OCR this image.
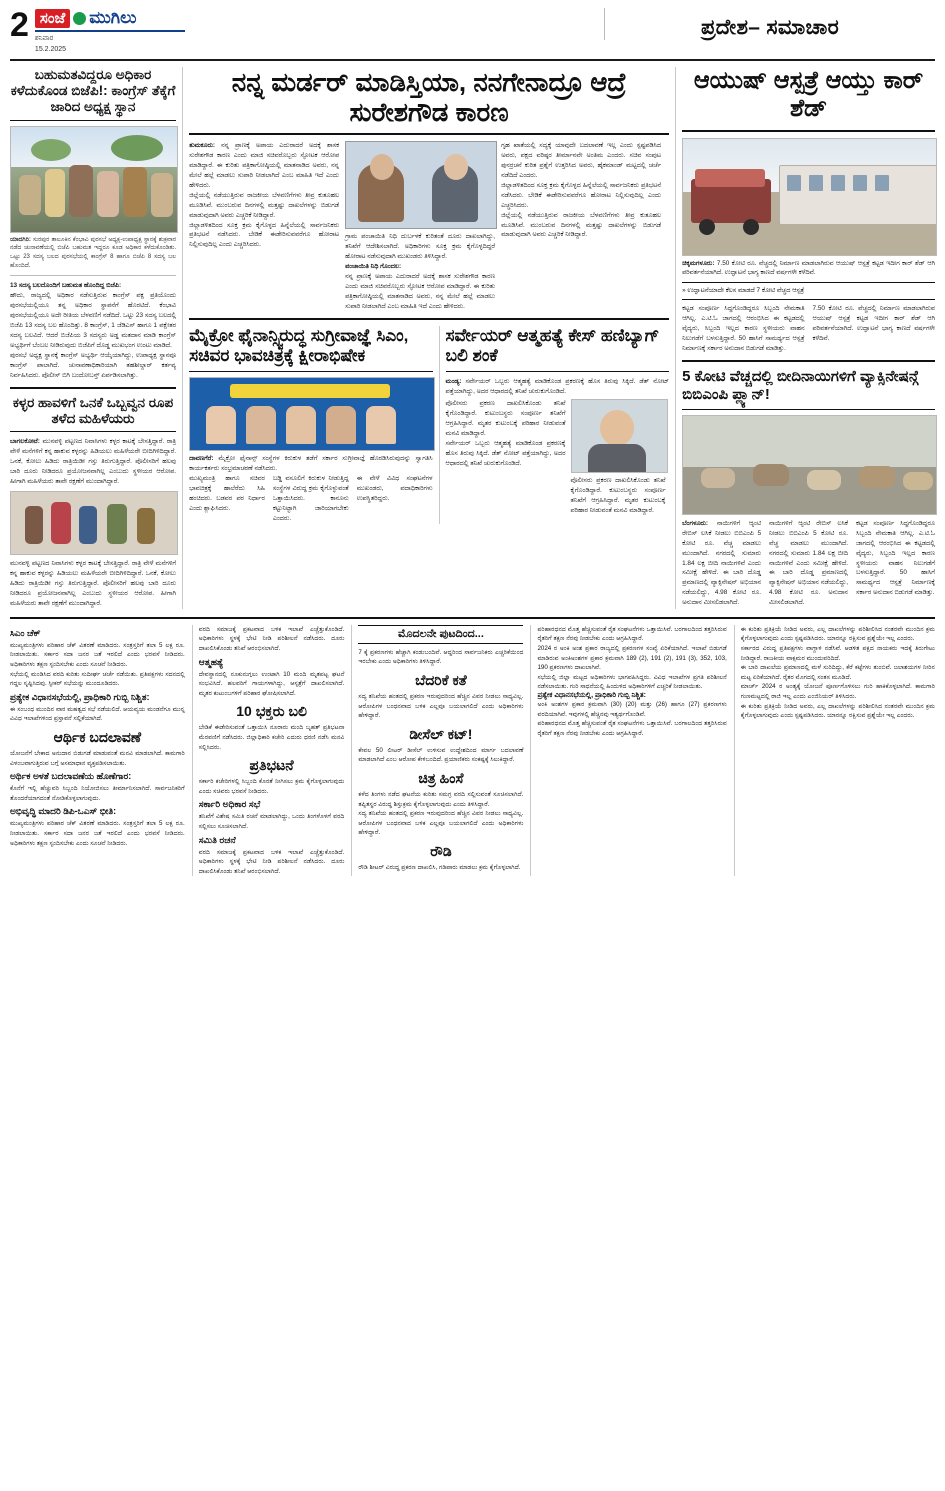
2 ಸಂಜೆ ಮುಗಿಲು
ಶನಿವಾರ
15.2.2025
ಪ್ರದೇಶ– ಸಮಾಚಾರ
ಬಹುಮತವಿದ್ದರೂ ಅಧಿಕಾರ ಕಳೆದುಕೊಂಡ ಬಿಜೆಪಿ!: ಕಾಂಗ್ರೆಸ್ ತೆಕ್ಕೆಗೆ ಜಾರಿದ ಅಧ್ಯಕ್ಷ ಸ್ಥಾನ
ಯಾದಗಿರಿ: ಸುರಪುರ ತಾಲೂಕಿನ ಕೆಂಭಾವಿ ಪುರಸಭೆ ಅಧ್ಯಕ್ಷ-ಉಪಾಧ್ಯಕ್ಷ ಸ್ಥಾನಕ್ಕೆ ಶುಕ್ರವಾರ ನಡೆದ ಚುನಾವಣೆಯಲ್ಲಿ ಬಿಜೆಪಿ ಬಹುಮತ ಇದ್ದರೂ ಕೂಡ ಅಧಿಕಾರ ಕಳೆದುಕೊಂಡಿತು. ಒಟ್ಟು 23 ಸದಸ್ಯ ಬಲದ ಪುರಸಭೆಯಲ್ಲಿ ಕಾಂಗ್ರೆಸ್ 8 ಹಾಗೂ ಬಿಜೆಪಿ 8 ಸದಸ್ಯ ಬಲ ಹೊಂದಿದೆ.
13 ಸದಸ್ಯ ಬಲದೊಂದಿಗೆ ಬಹುಮತ ಹೊಂದಿದ್ದ ಬಿಜೆಪಿ:
ಹೌದು, ರಾಜ್ಯದಲ್ಲಿ ಅಧಿಕಾರ ನಡೆಸುತ್ತಿರುವ ಕಾಂಗ್ರೆಸ್ ಪಕ್ಷ ಪ್ರತಿಯೊಂದು ಪುರಸಭೆಯಲ್ಲಿಯೂ ತನ್ನ ಅಧಿಕಾರ ಸ್ಥಾಪನೆಗೆ ಹೊರಟಿದೆ. ಕೆಂಭಾವಿ ಪುರಸಭೆಯಲ್ಲಿಯೂ ಅದೇ ರೀತಿಯ ಬೆಳವಣಿಗೆ ನಡೆದಿದೆ. ಒಟ್ಟು 23 ಸದಸ್ಯ ಬಲದಲ್ಲಿ ಬಿಜೆಪಿ 13 ಸದಸ್ಯ ಬಲ ಹೊಂದಿತ್ತು. 8 ಕಾಂಗ್ರೆಸ್, 1 ಜೆಡಿಎಸ್ ಹಾಗೂ 1 ಪಕ್ಷೇತರ ಸದಸ್ಯ ಬಲವಿದೆ. ಆದರೆ ಬಿಜೆಪಿಯ 3 ಸದಸ್ಯರು ಅಡ್ಡ ಮತದಾನ ಮಾಡಿ ಕಾಂಗ್ರೆಸ್ ಅಭ್ಯರ್ಥಿಗೆ ಬೆಂಬಲ ನೀಡಿರುವುದು ಬಿಜೆಪಿಗೆ ದೊಡ್ಡ ಮುಖಭಂಗ ಉಂಟು ಮಾಡಿದೆ.
ಪುರಸಭೆ ಅಧ್ಯಕ್ಷ ಸ್ಥಾನಕ್ಕೆ ಕಾಂಗ್ರೆಸ್ ಅಭ್ಯರ್ಥಿ ಆಯ್ಕೆಯಾಗಿದ್ದು, ಉಪಾಧ್ಯಕ್ಷ ಸ್ಥಾನವೂ ಕಾಂಗ್ರೆಸ್ ಪಾಲಾಗಿದೆ. ಚುನಾವಣಾಧಿಕಾರಿಯಾಗಿ ತಹಶೀಲ್ದಾರ್ ಕರ್ತವ್ಯ ನಿರ್ವಹಿಸಿದರು. ಪೊಲೀಸ್ ಬಿಗಿ ಬಂದೋಬಸ್ತ್ ಏರ್ಪಡಿಸಲಾಗಿತ್ತು.
ಕಳ್ಳರ ಹಾವಳಿಗೆ ಒನಕೆ ಒಬ್ಬವ್ವನ ರೂಪ ತಳೆದ ಮಹಿಳೆಯರು
ಬಾಗಲಕೋಟೆ: ಮುನವಳ್ಳಿ ಪಟ್ಟಣದ ನಿವಾಸಿಗಳು ಕಳ್ಳರ ಕಾಟಕ್ಕೆ ಬೇಸತ್ತಿದ್ದಾರೆ. ರಾತ್ರಿ ವೇಳೆ ಮನೆಗಳಿಗೆ ಕನ್ನ ಹಾಕುವ ಕಳ್ಳರನ್ನು ಹಿಡಿಯಲು ಮಹಿಳೆಯರೇ ಬೀದಿಗಿಳಿದಿದ್ದಾರೆ. ಒನಕೆ, ಕೋಲು ಹಿಡಿದು ರಾತ್ರಿಯಿಡೀ ಗಸ್ತು ತಿರುಗುತ್ತಿದ್ದಾರೆ. ಪೊಲೀಸರಿಗೆ ಹಲವು ಬಾರಿ ದೂರು ನೀಡಿದರೂ ಪ್ರಯೋಜನವಾಗಿಲ್ಲ ಎಂಬುದು ಸ್ಥಳೀಯರ ಆರೋಪ. ಹೀಗಾಗಿ ಮಹಿಳೆಯರು ತಾವೇ ರಕ್ಷಣೆಗೆ ಮುಂದಾಗಿದ್ದಾರೆ.
ಮುನವಳ್ಳಿ ಪಟ್ಟಣದ ನಿವಾಸಿಗಳು ಕಳ್ಳರ ಕಾಟಕ್ಕೆ ಬೇಸತ್ತಿದ್ದಾರೆ. ರಾತ್ರಿ ವೇಳೆ ಮನೆಗಳಿಗೆ ಕನ್ನ ಹಾಕುವ ಕಳ್ಳರನ್ನು ಹಿಡಿಯಲು ಮಹಿಳೆಯರೇ ಬೀದಿಗಿಳಿದಿದ್ದಾರೆ. ಒನಕೆ, ಕೋಲು ಹಿಡಿದು ರಾತ್ರಿಯಿಡೀ ಗಸ್ತು ತಿರುಗುತ್ತಿದ್ದಾರೆ. ಪೊಲೀಸರಿಗೆ ಹಲವು ಬಾರಿ ದೂರು ನೀಡಿದರೂ ಪ್ರಯೋಜನವಾಗಿಲ್ಲ ಎಂಬುದು ಸ್ಥಳೀಯರ ಆರೋಪ. ಹೀಗಾಗಿ ಮಹಿಳೆಯರು ತಾವೇ ರಕ್ಷಣೆಗೆ ಮುಂದಾಗಿದ್ದಾರೆ.
ನನ್ನ ಮರ್ಡರ್ ಮಾಡಿಸ್ತಿಯಾ, ನನಗೇನಾದ್ರೂ ಆದ್ರೆ ಸುರೇಶಗೌಡ ಕಾರಣ
ತುಮಕೂರು: ನನ್ನ ಪ್ರಾಣಕ್ಕೆ ಅಪಾಯ ಎದುರಾದರೆ ಅದಕ್ಕೆ ಶಾಸಕ ಸುರೇಶಗೌಡ ಕಾರಣ ಎಂದು ಮಾಜಿ ಸಚಿವರೊಬ್ಬರು ಸ್ಫೋಟಕ ಆರೋಪ ಮಾಡಿದ್ದಾರೆ. ಈ ಕುರಿತು ಪತ್ರಿಕಾಗೋಷ್ಠಿಯಲ್ಲಿ ಮಾತನಾಡಿದ ಅವರು, ನನ್ನ ಮೇಲೆ ಹಲ್ಲೆ ಮಾಡಲು ಸುಪಾರಿ ನೀಡಲಾಗಿದೆ ಎಂಬ ಮಾಹಿತಿ ಇದೆ ಎಂದು ಹೇಳಿದರು.
ಜಿಲ್ಲೆಯಲ್ಲಿ ನಡೆಯುತ್ತಿರುವ ರಾಜಕೀಯ ಬೆಳವಣಿಗೆಗಳು ತೀವ್ರ ಕುತೂಹಲ ಮೂಡಿಸಿವೆ. ಮುಂಬರುವ ದಿನಗಳಲ್ಲಿ ಮತ್ತಷ್ಟು ದಾಖಲೆಗಳನ್ನು ಬಿಡುಗಡೆ ಮಾಡುವುದಾಗಿ ಅವರು ಎಚ್ಚರಿಕೆ ನೀಡಿದ್ದಾರೆ.
ಜಿಲ್ಲಾಡಳಿತದಿಂದ ಸೂಕ್ತ ಕ್ರಮ ಕೈಗೊಳ್ಳದ ಹಿನ್ನೆಲೆಯಲ್ಲಿ ಸಾರ್ವಜನಿಕರು ಪ್ರತಿಭಟನೆ ನಡೆಸಿದರು. ಬೇಡಿಕೆ ಈಡೇರಿಸುವವರೆಗೂ ಹೋರಾಟ ನಿಲ್ಲಿಸುವುದಿಲ್ಲ ಎಂದು ಎಚ್ಚರಿಸಿದರು.
ಗ್ರಾಮ ಪಂಚಾಯಿತಿ ನಿಧಿ ದುರ್ಬಳಕೆ ಕುರಿತಂತೆ ದೂರು ದಾಖಲಾಗಿದ್ದು, ತನಿಖೆಗೆ ಆದೇಶಿಸಲಾಗಿದೆ. ಅಧಿಕಾರಿಗಳು ಸೂಕ್ತ ಕ್ರಮ ಕೈಗೊಳ್ಳದಿದ್ದರೆ ಹೋರಾಟ ನಡೆಸುವುದಾಗಿ ಮುಖಂಡರು ತಿಳಿಸಿದ್ದಾರೆ.
ಪಂಚಾಯಿತಿ ನಿಧಿ ಗೊಂದಲ:
ನನ್ನ ಪ್ರಾಣಕ್ಕೆ ಅಪಾಯ ಎದುರಾದರೆ ಅದಕ್ಕೆ ಶಾಸಕ ಸುರೇಶಗೌಡ ಕಾರಣ ಎಂದು ಮಾಜಿ ಸಚಿವರೊಬ್ಬರು ಸ್ಫೋಟಕ ಆರೋಪ ಮಾಡಿದ್ದಾರೆ. ಈ ಕುರಿತು ಪತ್ರಿಕಾಗೋಷ್ಠಿಯಲ್ಲಿ ಮಾತನಾಡಿದ ಅವರು, ನನ್ನ ಮೇಲೆ ಹಲ್ಲೆ ಮಾಡಲು ಸುಪಾರಿ ನೀಡಲಾಗಿದೆ ಎಂಬ ಮಾಹಿತಿ ಇದೆ ಎಂದು ಹೇಳಿದರು.
ಗೃಹ ಖಾತೆಯಲ್ಲಿ ಸದ್ಯಕ್ಕೆ ಯಾವುದೇ ಬದಲಾವಣೆ ಇಲ್ಲ ಎಂದು ಸ್ಪಷ್ಟಪಡಿಸಿದ ಅವರು, ಪಕ್ಷದ ವರಿಷ್ಠರ ತೀರ್ಮಾನವೇ ಅಂತಿಮ ಎಂದರು. ಸಚಿವ ಸಂಪುಟ ಪುನರ್ರಚನೆ ಕುರಿತ ಪ್ರಶ್ನೆಗೆ ಉತ್ತರಿಸಿದ ಅವರು, ಹೈಕಮಾಂಡ್ ಮಟ್ಟದಲ್ಲಿ ಚರ್ಚೆ ನಡೆದಿದೆ ಎಂದರು.
ಜಿಲ್ಲಾಡಳಿತದಿಂದ ಸೂಕ್ತ ಕ್ರಮ ಕೈಗೊಳ್ಳದ ಹಿನ್ನೆಲೆಯಲ್ಲಿ ಸಾರ್ವಜನಿಕರು ಪ್ರತಿಭಟನೆ ನಡೆಸಿದರು. ಬೇಡಿಕೆ ಈಡೇರಿಸುವವರೆಗೂ ಹೋರಾಟ ನಿಲ್ಲಿಸುವುದಿಲ್ಲ ಎಂದು ಎಚ್ಚರಿಸಿದರು.
ಜಿಲ್ಲೆಯಲ್ಲಿ ನಡೆಯುತ್ತಿರುವ ರಾಜಕೀಯ ಬೆಳವಣಿಗೆಗಳು ತೀವ್ರ ಕುತೂಹಲ ಮೂಡಿಸಿವೆ. ಮುಂಬರುವ ದಿನಗಳಲ್ಲಿ ಮತ್ತಷ್ಟು ದಾಖಲೆಗಳನ್ನು ಬಿಡುಗಡೆ ಮಾಡುವುದಾಗಿ ಅವರು ಎಚ್ಚರಿಕೆ ನೀಡಿದ್ದಾರೆ.
ಮೈಕ್ರೋ ಫೈನಾನ್ಸ್ವಿರುದ್ಧ ಸುಗ್ರೀವಾಜ್ಞೆ ಸಿಎಂ, ಸಚಿವರ ಭಾವಚಿತ್ರಕ್ಕೆ ಕ್ಷೀರಾಭಿಷೇಕ
ದಾವಣಗೆರೆ: ಮೈಕ್ರೋ ಫೈನಾನ್ಸ್ ಸಂಸ್ಥೆಗಳ ಕಿರುಕುಳ ತಡೆಗೆ ಸರ್ಕಾರ ಸುಗ್ರೀವಾಜ್ಞೆ ಹೊರಡಿಸಿರುವುದನ್ನು ಸ್ವಾಗತಿಸಿ ಕಾರ್ಯಕರ್ತರು ಸಂಭ್ರಮಾಚರಣೆ ನಡೆಸಿದರು.
ಮುಖ್ಯಮಂತ್ರಿ ಹಾಗೂ ಸಚಿವರ ಭಾವಚಿತ್ರಕ್ಕೆ ಹಾಲೆರೆದು ಸಿಹಿ ಹಂಚಿದರು. ಬಡವರ ಪರ ನಿರ್ಧಾರ ಎಂದು ಶ್ಲಾಘಿಸಿದರು.
ಬಡ್ಡಿ ವಸೂಲಿಗೆ ಕಿರುಕುಳ ನೀಡುತ್ತಿದ್ದ ಸಂಸ್ಥೆಗಳ ವಿರುದ್ಧ ಕ್ರಮ ಕೈಗೊಳ್ಳುವಂತೆ ಒತ್ತಾಯಿಸಿದರು. ಕಾನೂನು ಕಟ್ಟುನಿಟ್ಟಾಗಿ ಜಾರಿಯಾಗಬೇಕು ಎಂದರು.
ಈ ವೇಳೆ ವಿವಿಧ ಸಂಘಟನೆಗಳ ಮುಖಂಡರು, ಪದಾಧಿಕಾರಿಗಳು ಉಪಸ್ಥಿತರಿದ್ದರು.
ಸರ್ವೇಯರ್ ಆತ್ಮಹತ್ಯೆ ಕೇಸ್ ಹಣಿಬ್ಯಾಗ್ ಬಲಿ ಶಂಕೆ
ಮಂಡ್ಯ: ಸರ್ವೇಯರ್ ಒಬ್ಬರು ಆತ್ಮಹತ್ಯೆ ಮಾಡಿಕೊಂಡ ಪ್ರಕರಣಕ್ಕೆ ಹೊಸ ತಿರುವು ಸಿಕ್ಕಿದೆ. ಡೆತ್ ನೋಟ್ ಪತ್ತೆಯಾಗಿದ್ದು, ಅದರ ಆಧಾರದಲ್ಲಿ ತನಿಖೆ ಚುರುಕುಗೊಂಡಿದೆ.
ಪೊಲೀಸರು ಪ್ರಕರಣ ದಾಖಲಿಸಿಕೊಂಡು ತನಿಖೆ ಕೈಗೊಂಡಿದ್ದಾರೆ. ಕುಟುಂಬಸ್ಥರು ಸಂಪೂರ್ಣ ತನಿಖೆಗೆ ಆಗ್ರಹಿಸಿದ್ದಾರೆ. ಮೃತರ ಕುಟುಂಬಕ್ಕೆ ಪರಿಹಾರ ನೀಡುವಂತೆ ಮನವಿ ಮಾಡಿದ್ದಾರೆ.
ಸರ್ವೇಯರ್ ಒಬ್ಬರು ಆತ್ಮಹತ್ಯೆ ಮಾಡಿಕೊಂಡ ಪ್ರಕರಣಕ್ಕೆ ಹೊಸ ತಿರುವು ಸಿಕ್ಕಿದೆ. ಡೆತ್ ನೋಟ್ ಪತ್ತೆಯಾಗಿದ್ದು, ಅದರ ಆಧಾರದಲ್ಲಿ ತನಿಖೆ ಚುರುಕುಗೊಂಡಿದೆ.
ಪೊಲೀಸರು ಪ್ರಕರಣ ದಾಖಲಿಸಿಕೊಂಡು ತನಿಖೆ ಕೈಗೊಂಡಿದ್ದಾರೆ. ಕುಟುಂಬಸ್ಥರು ಸಂಪೂರ್ಣ ತನಿಖೆಗೆ ಆಗ್ರಹಿಸಿದ್ದಾರೆ. ಮೃತರ ಕುಟುಂಬಕ್ಕೆ ಪರಿಹಾರ ನೀಡುವಂತೆ ಮನವಿ ಮಾಡಿದ್ದಾರೆ.
ಆಯುಷ್ ಆಸ್ಪತ್ರೆ ಆಯ್ತು ಕಾರ್ ಶೆಡ್
ಚಿಕ್ಕಮಗಳೂರು: 7.50 ಕೋಟಿ ರೂ. ವೆಚ್ಚದಲ್ಲಿ ನಿರ್ಮಾಣ ಮಾಡಲಾಗಿರುವ ಆಯುಷ್ ಆಸ್ಪತ್ರೆ ಕಟ್ಟಡ ಇದೀಗ ಕಾರ್ ಶೆಡ್ ಆಗಿ ಪರಿವರ್ತನೆಯಾಗಿದೆ. ಉದ್ಘಾಟನೆ ಭಾಗ್ಯ ಕಾಣದೆ ವರ್ಷಗಳೇ ಕಳೆದಿವೆ.
» ಉದ್ಘಾಟನೆಯಾದೇ ಕೆಲಸ ಮಾಡದೆ 7 ಕೋಟಿ ವೆಚ್ಚದ ಆಸ್ಪತ್ರೆ
ಕಟ್ಟಡ ಸಂಪೂರ್ಣ ಸಿದ್ಧಗೊಂಡಿದ್ದರೂ ಸಿಬ್ಬಂದಿ ನೇಮಕಾತಿ ಆಗಿಲ್ಲ. ಎ.ಟಿ.ಓ ಜಾಗದಲ್ಲಿ ಆರಂಭಿಸಿದ ಈ ಕಟ್ಟಡದಲ್ಲಿ ವೈದ್ಯರು, ಸಿಬ್ಬಂದಿ ಇಲ್ಲದ ಕಾರಣ ಸ್ಥಳೀಯರು ವಾಹನ ನಿಲುಗಡೆಗೆ ಬಳಸುತ್ತಿದ್ದಾರೆ. 50 ಹಾಸಿಗೆ ಸಾಮರ್ಥ್ಯದ ಆಸ್ಪತ್ರೆ ನಿರ್ಮಾಣಕ್ಕೆ ಸರ್ಕಾರ ಅನುದಾನ ಬಿಡುಗಡೆ ಮಾಡಿತ್ತು.
7.50 ಕೋಟಿ ರೂ. ವೆಚ್ಚದಲ್ಲಿ ನಿರ್ಮಾಣ ಮಾಡಲಾಗಿರುವ ಆಯುಷ್ ಆಸ್ಪತ್ರೆ ಕಟ್ಟಡ ಇದೀಗ ಕಾರ್ ಶೆಡ್ ಆಗಿ ಪರಿವರ್ತನೆಯಾಗಿದೆ. ಉದ್ಘಾಟನೆ ಭಾಗ್ಯ ಕಾಣದೆ ವರ್ಷಗಳೇ ಕಳೆದಿವೆ.
5 ಕೋಟಿ ವೆಚ್ಚದಲ್ಲಿ ಬೀದಿನಾಯಿಗಳಿಗೆ ವ್ಯಾಕ್ಸಿನೇಷನ್ಗೆ ಬಿಬಿಎಂಪಿ ಪ್ಲ್ಯಾನ್!
ಬೆಂಗಳೂರು: ನಾಯಿಗಳಿಗೆ ಆ್ಯಂಟಿ ರೇಬಿಸ್ ಲಸಿಕೆ ನೀಡಲು ಬಿಬಿಎಂಪಿ 5 ಕೋಟಿ ರೂ. ವೆಚ್ಚ ಮಾಡಲು ಮುಂದಾಗಿದೆ. ನಗರದಲ್ಲಿ ಸುಮಾರು 1.84 ಲಕ್ಷ ಬೀದಿ ನಾಯಿಗಳಿವೆ ಎಂದು ಸಮೀಕ್ಷೆ ಹೇಳಿದೆ. ಈ ಬಾರಿ ದೊಡ್ಡ ಪ್ರಮಾಣದಲ್ಲಿ ವ್ಯಾಕ್ಸಿನೇಷನ್ ಅಭಿಯಾನ ನಡೆಯಲಿದ್ದು, 4.98 ಕೋಟಿ ರೂ. ಅನುದಾನ ಮೀಸಲಿಡಲಾಗಿದೆ.
ನಾಯಿಗಳಿಗೆ ಆ್ಯಂಟಿ ರೇಬಿಸ್ ಲಸಿಕೆ ನೀಡಲು ಬಿಬಿಎಂಪಿ 5 ಕೋಟಿ ರೂ. ವೆಚ್ಚ ಮಾಡಲು ಮುಂದಾಗಿದೆ. ನಗರದಲ್ಲಿ ಸುಮಾರು 1.84 ಲಕ್ಷ ಬೀದಿ ನಾಯಿಗಳಿವೆ ಎಂದು ಸಮೀಕ್ಷೆ ಹೇಳಿದೆ. ಈ ಬಾರಿ ದೊಡ್ಡ ಪ್ರಮಾಣದಲ್ಲಿ ವ್ಯಾಕ್ಸಿನೇಷನ್ ಅಭಿಯಾನ ನಡೆಯಲಿದ್ದು, 4.98 ಕೋಟಿ ರೂ. ಅನುದಾನ ಮೀಸಲಿಡಲಾಗಿದೆ.
ಕಟ್ಟಡ ಸಂಪೂರ್ಣ ಸಿದ್ಧಗೊಂಡಿದ್ದರೂ ಸಿಬ್ಬಂದಿ ನೇಮಕಾತಿ ಆಗಿಲ್ಲ. ಎ.ಟಿ.ಓ ಜಾಗದಲ್ಲಿ ಆರಂಭಿಸಿದ ಈ ಕಟ್ಟಡದಲ್ಲಿ ವೈದ್ಯರು, ಸಿಬ್ಬಂದಿ ಇಲ್ಲದ ಕಾರಣ ಸ್ಥಳೀಯರು ವಾಹನ ನಿಲುಗಡೆಗೆ ಬಳಸುತ್ತಿದ್ದಾರೆ. 50 ಹಾಸಿಗೆ ಸಾಮರ್ಥ್ಯದ ಆಸ್ಪತ್ರೆ ನಿರ್ಮಾಣಕ್ಕೆ ಸರ್ಕಾರ ಅನುದಾನ ಬಿಡುಗಡೆ ಮಾಡಿತ್ತು.
ಸಿಎಂ ಚೆಕ್
ಮುಖ್ಯಮಂತ್ರಿಗಳು ಪರಿಹಾರ ಚೆಕ್ ವಿತರಣೆ ಮಾಡಿದರು. ಸಂತ್ರಸ್ತರಿಗೆ ತಲಾ 5 ಲಕ್ಷ ರೂ. ನೀಡಲಾಯಿತು. ಸರ್ಕಾರ ಸದಾ ಜನರ ಜತೆ ಇರಲಿದೆ ಎಂದು ಭರವಸೆ ನೀಡಿದರು. ಅಧಿಕಾರಿಗಳು ತಕ್ಷಣ ಸ್ಪಂದಿಸಬೇಕು ಎಂದು ಸೂಚನೆ ನೀಡಿದರು.
ಸಭೆಯಲ್ಲಿ ಮಂಡಿಸಿದ ವರದಿ ಕುರಿತು ಸುದೀರ್ಘ ಚರ್ಚೆ ನಡೆಯಿತು. ಪ್ರತಿಪಕ್ಷಗಳು ಸದನದಲ್ಲಿ ಗದ್ದಲ ಸೃಷ್ಟಿಸಿದವು. ಸ್ಪೀಕರ್ ಸಭೆಯನ್ನು ಮುಂದೂಡಿದರು.
ಪ್ರತ್ಯೇಕ ವಿಧಾನಸಭೆಯಲ್ಲಿ, ಪ್ರಾಧಿಕಾರಿ ಗುಬ್ಬಿ ನಿಶ್ಚಿತ:
ಈ ಸಂಬಂಧ ಮುಂದಿನ ವಾರ ಮಹತ್ವದ ಸಭೆ ನಡೆಯಲಿದೆ. ಆಯವ್ಯಯ ಮಂಡನೆಗೂ ಮುನ್ನ ವಿವಿಧ ಇಲಾಖೆಗಳಿಂದ ಪ್ರಸ್ತಾವನೆ ಸಲ್ಲಿಕೆಯಾಗಿದೆ.
ಆರ್ಥಿಕ ಬದಲಾವಣೆ
ಯೋಜನೆಗೆ ಬೇಕಾದ ಅನುದಾನ ಬಿಡುಗಡೆ ಮಾಡುವಂತೆ ಮನವಿ ಮಾಡಲಾಗಿದೆ. ಕಾಮಗಾರಿ ವಿಳಂಬವಾಗುತ್ತಿರುವ ಬಗ್ಗೆ ಅಸಮಾಧಾನ ವ್ಯಕ್ತಪಡಿಸಲಾಯಿತು.
ಅರ್ಥಿಕ ಅಳತೆ ಬದಲಾವಣೆಯ ಹೊಣೆಗಾರ:
ಕೊನೆಗೆ ಇಲ್ಲಿ ಹೆಚ್ಚುವರಿ ಸಿಬ್ಬಂದಿ ನಿಯೋಜಿಸಲು ತೀರ್ಮಾನಿಸಲಾಗಿದೆ. ಸಾರ್ವಜನಿಕರಿಗೆ ತೊಂದರೆಯಾಗದಂತೆ ನೋಡಿಕೊಳ್ಳಲಾಗುವುದು.
ಅಭಿವೃದ್ಧಿ ಮಾದರಿ ಡಿಪಿ-ಒಎಸ್ ಭೀತಿ:
ಮುಖ್ಯಮಂತ್ರಿಗಳು ಪರಿಹಾರ ಚೆಕ್ ವಿತರಣೆ ಮಾಡಿದರು. ಸಂತ್ರಸ್ತರಿಗೆ ತಲಾ 5 ಲಕ್ಷ ರೂ. ನೀಡಲಾಯಿತು. ಸರ್ಕಾರ ಸದಾ ಜನರ ಜತೆ ಇರಲಿದೆ ಎಂದು ಭರವಸೆ ನೀಡಿದರು. ಅಧಿಕಾರಿಗಳು ತಕ್ಷಣ ಸ್ಪಂದಿಸಬೇಕು ಎಂದು ಸೂಚನೆ ನೀಡಿದರು.
ವರದಿ ಸಮಾಜಕ್ಕೆ ಪ್ರಕಟವಾದ ಬಳಿಕ ಇಲಾಖೆ ಎಚ್ಚೆತ್ತುಕೊಂಡಿದೆ. ಅಧಿಕಾರಿಗಳು ಸ್ಥಳಕ್ಕೆ ಭೇಟಿ ನೀಡಿ ಪರಿಶೀಲನೆ ನಡೆಸಿದರು. ದೂರು ದಾಖಲಿಸಿಕೊಂಡು ತನಿಖೆ ಆರಂಭಿಸಲಾಗಿದೆ.
ಆತ್ಮಹತ್ಯೆ
ದೇವಸ್ಥಾನದಲ್ಲಿ ನೂಕುನುಗ್ಗಲು ಉಂಟಾಗಿ 10 ಮಂದಿ ಮೃತಪಟ್ಟ ಘಟನೆ ಸಂಭವಿಸಿದೆ. ಹಲವರಿಗೆ ಗಾಯಗಳಾಗಿದ್ದು, ಆಸ್ಪತ್ರೆಗೆ ದಾಖಲಿಸಲಾಗಿದೆ. ಮೃತರ ಕುಟುಂಬಗಳಿಗೆ ಪರಿಹಾರ ಘೋಷಿಸಲಾಗಿದೆ.
10 ಭಕ್ತರು ಬಲಿ
ಬೇಡಿಕೆ ಈಡೇರಿಸುವಂತೆ ಒತ್ತಾಯಿಸಿ ನೂರಾರು ಮಂದಿ ಬೃಹತ್ ಪ್ರತಿಭಟನಾ ಮೆರವಣಿಗೆ ನಡೆಸಿದರು. ಜಿಲ್ಲಾಧಿಕಾರಿ ಕಚೇರಿ ಎದುರು ಧರಣಿ ನಡೆಸಿ ಮನವಿ ಸಲ್ಲಿಸಿದರು.
ಪ್ರತಿಭಟನೆ
ಸರ್ಕಾರಿ ಕಚೇರಿಗಳಲ್ಲಿ ಸಿಬ್ಬಂದಿ ಕೊರತೆ ನೀಗಿಸಲು ಕ್ರಮ ಕೈಗೊಳ್ಳಲಾಗುವುದು ಎಂದು ಸಚಿವರು ಭರವಸೆ ನೀಡಿದರು.
ಸರ್ಕಾರಿ ಅಧಿಕಾರ ಸಭೆ
ತನಿಖೆಗೆ ವಿಶೇಷ ಸಮಿತಿ ರಚನೆ ಮಾಡಲಾಗಿದ್ದು, ಒಂದು ತಿಂಗಳೊಳಗೆ ವರದಿ ಸಲ್ಲಿಸಲು ಸೂಚಿಸಲಾಗಿದೆ.
ಸಮಿತಿ ರಚನೆ
ವರದಿ ಸಮಾಜಕ್ಕೆ ಪ್ರಕಟವಾದ ಬಳಿಕ ಇಲಾಖೆ ಎಚ್ಚೆತ್ತುಕೊಂಡಿದೆ. ಅಧಿಕಾರಿಗಳು ಸ್ಥಳಕ್ಕೆ ಭೇಟಿ ನೀಡಿ ಪರಿಶೀಲನೆ ನಡೆಸಿದರು. ದೂರು ದಾಖಲಿಸಿಕೊಂಡು ತನಿಖೆ ಆರಂಭಿಸಲಾಗಿದೆ.
ಮೊದಲನೇ ಪುಟದಿಂದ...
7 ಕ್ಕೆ ಪ್ರಕರಣಗಳು ಹೆಚ್ಚಾಗಿ ಕಂಡುಬಂದಿವೆ. ಆದ್ದರಿಂದ ಸಾರ್ವಜನಿಕರು ಎಚ್ಚರಿಕೆಯಿಂದ ಇರಬೇಕು ಎಂದು ಅಧಿಕಾರಿಗಳು ತಿಳಿಸಿದ್ದಾರೆ.
ಬೆದರಿಕೆ ಕತೆ
ಸದ್ಯ ತನಿಖೆಯ ಹಂತದಲ್ಲಿ ಪ್ರಕರಣ ಇರುವುದರಿಂದ ಹೆಚ್ಚಿನ ವಿವರ ನೀಡಲು ಸಾಧ್ಯವಿಲ್ಲ. ಆರೋಪಿಗಳ ಬಂಧನವಾದ ಬಳಿಕ ಎಲ್ಲವೂ ಬಯಲಾಗಲಿದೆ ಎಂದು ಅಧಿಕಾರಿಗಳು ಹೇಳಿದ್ದಾರೆ.
ಡೀಸೆಲ್ ಕಟ್!
ಕೇವಲ 50 ಲೀಟರ್ ಡೀಸೆಲ್ ಉಳಿಸುವ ಉದ್ದೇಶದಿಂದ ಮಾರ್ಗ ಬದಲಾವಣೆ ಮಾಡಲಾಗಿದೆ ಎಂಬ ಆರೋಪ ಕೇಳಿಬಂದಿದೆ. ಪ್ರಯಾಣಿಕರು ಸಂಕಷ್ಟಕ್ಕೆ ಸಿಲುಕಿದ್ದಾರೆ.
ಚಿತ್ರ ಹಿಂಸೆ
ಕಳೆದ ತಿಂಗಳು ನಡೆದ ಘಟನೆಯ ಕುರಿತು ಸಮಗ್ರ ವರದಿ ಸಲ್ಲಿಸುವಂತೆ ಸೂಚಿಸಲಾಗಿದೆ. ತಪ್ಪಿತಸ್ಥರ ವಿರುದ್ಧ ಶಿಸ್ತುಕ್ರಮ ಕೈಗೊಳ್ಳಲಾಗುವುದು ಎಂದು ತಿಳಿಸಿದ್ದಾರೆ.
ಸದ್ಯ ತನಿಖೆಯ ಹಂತದಲ್ಲಿ ಪ್ರಕರಣ ಇರುವುದರಿಂದ ಹೆಚ್ಚಿನ ವಿವರ ನೀಡಲು ಸಾಧ್ಯವಿಲ್ಲ. ಆರೋಪಿಗಳ ಬಂಧನವಾದ ಬಳಿಕ ಎಲ್ಲವೂ ಬಯಲಾಗಲಿದೆ ಎಂದು ಅಧಿಕಾರಿಗಳು ಹೇಳಿದ್ದಾರೆ.
ರೌಡಿ
ರೌಡಿ ಶೀಟರ್ ವಿರುದ್ಧ ಪ್ರಕರಣ ದಾಖಲಿಸಿ, ಗಡಿಪಾರು ಮಾಡಲು ಕ್ರಮ ಕೈಗೊಳ್ಳಲಾಗಿದೆ.
ಪರಿಹಾರಧನದ ಮೊತ್ತ ಹೆಚ್ಚಿಸುವಂತೆ ರೈತ ಸಂಘಟನೆಗಳು ಒತ್ತಾಯಿಸಿವೆ. ಬರಗಾಲದಿಂದ ತತ್ತರಿಸಿರುವ ರೈತರಿಗೆ ತಕ್ಷಣ ನೆರವು ನೀಡಬೇಕು ಎಂದು ಆಗ್ರಹಿಸಿದ್ದಾರೆ.
2024 ರ ಅಂಕಿ ಅಂಶ ಪ್ರಕಾರ ರಾಜ್ಯದಲ್ಲಿ ಪ್ರಕರಣಗಳ ಸಂಖ್ಯೆ ಏರಿಕೆಯಾಗಿದೆ. ಇಲಾಖೆ ಬಿಡುಗಡೆ ಮಾಡಿರುವ ಅಂಕಿಅಂಶಗಳ ಪ್ರಕಾರ ಕ್ರಮವಾಗಿ 189 (2), 191 (2), 191 (3), 352, 103, 190 ಪ್ರಕರಣಗಳು ದಾಖಲಾಗಿವೆ.
ಸಭೆಯಲ್ಲಿ ಜಿಲ್ಲಾ ಮಟ್ಟದ ಅಧಿಕಾರಿಗಳು ಭಾಗವಹಿಸಿದ್ದರು. ವಿವಿಧ ಇಲಾಖೆಗಳ ಪ್ರಗತಿ ಪರಿಶೀಲನೆ ನಡೆಸಲಾಯಿತು. ಗುರಿ ಸಾಧನೆಯಲ್ಲಿ ಹಿಂದುಳಿದ ಅಧಿಕಾರಿಗಳಿಗೆ ಎಚ್ಚರಿಕೆ ನೀಡಲಾಯಿತು.
ಪ್ರತ್ಯೇಕ ವಿಧಾನಸಭೆಯಲ್ಲಿ, ಪ್ರಾಧಿಕಾರಿ ಗುಬ್ಬಿ ನಿಶ್ಚಿತ:
ಅಂಕಿ ಅಂಶಗಳ ಪ್ರಕಾರ ಕ್ರಮವಾಗಿ (30) (20) ಮತ್ತು (26) ಹಾಗೂ (27) ಪ್ರಕರಣಗಳು ವರದಿಯಾಗಿವೆ. ಇವುಗಳಲ್ಲಿ ಹೆಚ್ಚಿನವು ಇತ್ಯರ್ಥಗೊಂಡಿವೆ.
ಪರಿಹಾರಧನದ ಮೊತ್ತ ಹೆಚ್ಚಿಸುವಂತೆ ರೈತ ಸಂಘಟನೆಗಳು ಒತ್ತಾಯಿಸಿವೆ. ಬರಗಾಲದಿಂದ ತತ್ತರಿಸಿರುವ ರೈತರಿಗೆ ತಕ್ಷಣ ನೆರವು ನೀಡಬೇಕು ಎಂದು ಆಗ್ರಹಿಸಿದ್ದಾರೆ.
ಈ ಕುರಿತು ಪ್ರತಿಕ್ರಿಯೆ ನೀಡಿದ ಅವರು, ಎಲ್ಲ ದಾಖಲೆಗಳನ್ನು ಪರಿಶೀಲಿಸಿದ ನಂತರವೇ ಮುಂದಿನ ಕ್ರಮ ಕೈಗೊಳ್ಳಲಾಗುವುದು ಎಂದು ಸ್ಪಷ್ಟಪಡಿಸಿದರು. ಯಾರನ್ನೂ ರಕ್ಷಿಸುವ ಪ್ರಶ್ನೆಯೇ ಇಲ್ಲ ಎಂದರು.
ಸರ್ಕಾರದ ವಿರುದ್ಧ ಪ್ರತಿಪಕ್ಷಗಳು ವಾಗ್ದಾಳಿ ನಡೆಸಿವೆ. ಆಡಳಿತ ಪಕ್ಷದ ನಾಯಕರು ಇದಕ್ಕೆ ತಿರುಗೇಟು ನೀಡಿದ್ದಾರೆ. ರಾಜಕೀಯ ವಾಕ್ಸಮರ ಮುಂದುವರಿದಿದೆ.
ಈ ಬಾರಿ ದಾಖಲೆಯ ಪ್ರಮಾಣದಲ್ಲಿ ಮಳೆ ಸುರಿದಿದ್ದು, ಕೆರೆ ಕಟ್ಟೆಗಳು ತುಂಬಿವೆ. ಜಲಾಶಯಗಳ ನೀರಿನ ಮಟ್ಟ ಏರಿಕೆಯಾಗಿದೆ. ರೈತರ ಮೊಗದಲ್ಲಿ ಸಂತಸ ಮೂಡಿದೆ.
ಮಾರ್ಚ್ 2024 ರ ಅಂತ್ಯಕ್ಕೆ ಯೋಜನೆ ಪೂರ್ಣಗೊಳಿಸಲು ಗುರಿ ಹಾಕಿಕೊಳ್ಳಲಾಗಿದೆ. ಕಾಮಗಾರಿ ಗುಣಮಟ್ಟದಲ್ಲಿ ರಾಜಿ ಇಲ್ಲ ಎಂದು ಎಂಜಿನಿಯರ್ ತಿಳಿಸಿದರು.
ಈ ಕುರಿತು ಪ್ರತಿಕ್ರಿಯೆ ನೀಡಿದ ಅವರು, ಎಲ್ಲ ದಾಖಲೆಗಳನ್ನು ಪರಿಶೀಲಿಸಿದ ನಂತರವೇ ಮುಂದಿನ ಕ್ರಮ ಕೈಗೊಳ್ಳಲಾಗುವುದು ಎಂದು ಸ್ಪಷ್ಟಪಡಿಸಿದರು. ಯಾರನ್ನೂ ರಕ್ಷಿಸುವ ಪ್ರಶ್ನೆಯೇ ಇಲ್ಲ ಎಂದರು.
